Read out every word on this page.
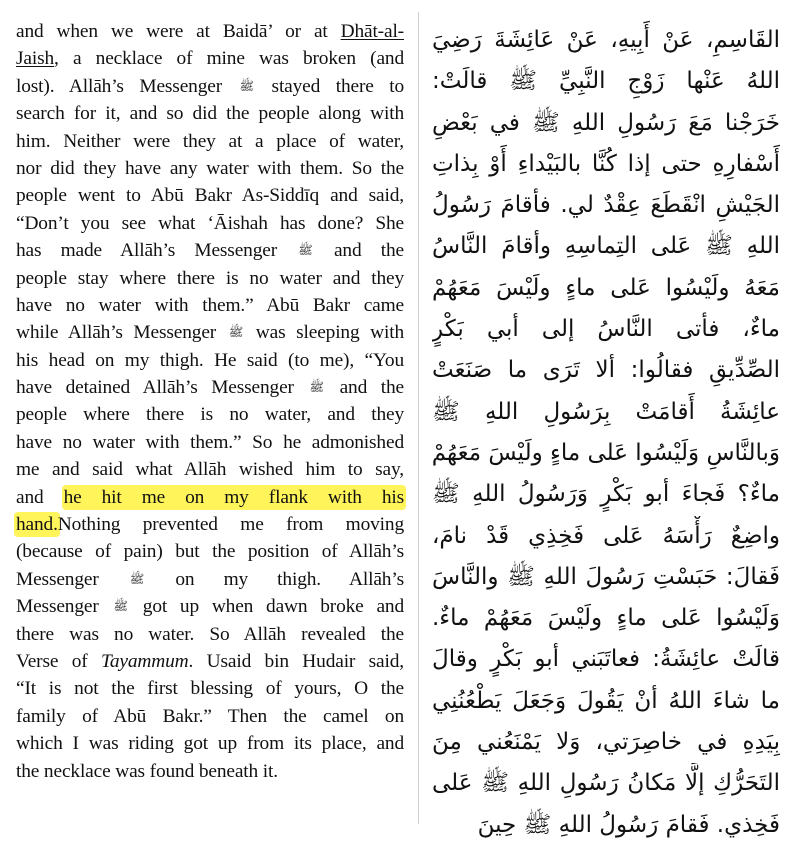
and when we were at Baidā’ or at Dhāt-al-
Jaish, a necklace of mine was broken (and
lost). Allāh’s Messenger ﷺ stayed there to
search for it, and so did the people along with
him. Neither were they at a place of water,
nor did they have any water with them. So the
people went to Abū Bakr As-Siddīq and said,
“Don’t you see what ‘Āishah has done? She
has made Allāh’s Messenger ﷺ and the
people stay where there is no water and they
have no water with them.” Abū Bakr came
while Allāh’s Messenger ﷺ was sleeping with
his head on my thigh. He said (to me), “You
have detained Allāh’s Messenger ﷺ and the
people where there is no water, and they
have no water with them.” So he admonished
me and said what Allāh wished him to say,
and he hit me on my flank with his
hand.Nothing prevented me from moving
(because of pain) but the position of Allāh’s
Messenger ﷺ on my thigh. Allāh’s
Messenger ﷺ got up when dawn broke and
there was no water. So Allāh revealed the
Verse of Tayammum. Usaid bin Hudair said,
“It is not the first blessing of yours, O the
family of Abū Bakr.” Then the camel on
which I was riding got up from its place, and
the necklace was found beneath it.
القَاسِمِ، عَنْ أَبِيهِ، عَنْ عَائِشَةَ رَضِيَ
اللهُ عَنْها زَوْجِ النَّبِيِّ ﷺ قالَتْ:
خَرَجْنا مَعَ رَسُولِ اللهِ ﷺ في بَعْضِ
أَسْفارِهِ حتى إذا كُنَّا بالبَيْداءِ أَوْ بِذاتِ
الجَيْشِ انْقَطَعَ عِقْدٌ لي. فأقامَ رَسُولُ
اللهِ ﷺ عَلى التِماسِهِ وأقامَ النَّاسُ
مَعَهُ ولَيْسُوا عَلى ماءٍ ولَيْسَ مَعَهُمْ
ماءٌ، فأتى النَّاسُ إلى أبي بَكْرٍ
الصِّدِّيقِ فقالُوا: ألا تَرَى ما صَنَعَتْ
عائِشَةُ أَقامَتْ بِرَسُولِ اللهِ ﷺ
وَبالنَّاسِ وَلَيْسُوا عَلى ماءٍ ولَيْسَ مَعَهُمْ
ماءٌ؟ فَجاءَ أبو بَكْرٍ وَرَسُولُ اللهِ ﷺ
واضِعٌ رَأْسَهُ عَلى فَخِذِي قَدْ نامَ،
فَقالَ: حَبَسْتِ رَسُولَ اللهِ ﷺ والنَّاسَ
وَلَيْسُوا عَلى ماءٍ ولَيْسَ مَعَهُمْ ماءٌ.
قالَتْ عائِشَةُ: فعاتَبَني أبو بَكْرٍ وقالَ
ما شاءَ اللهُ أنْ يَقُولَ وَجَعَلَ يَطْعُنُنِي
بِيَدِهِ في خاصِرَتي، وَلا يَمْنَعُني مِنَ
التَحَرُّكِ إلَّا مَكانُ رَسُولِ اللهِ ﷺ عَلى
فَخِذي. فَقامَ رَسُولُ اللهِ ﷺ حِينَ
